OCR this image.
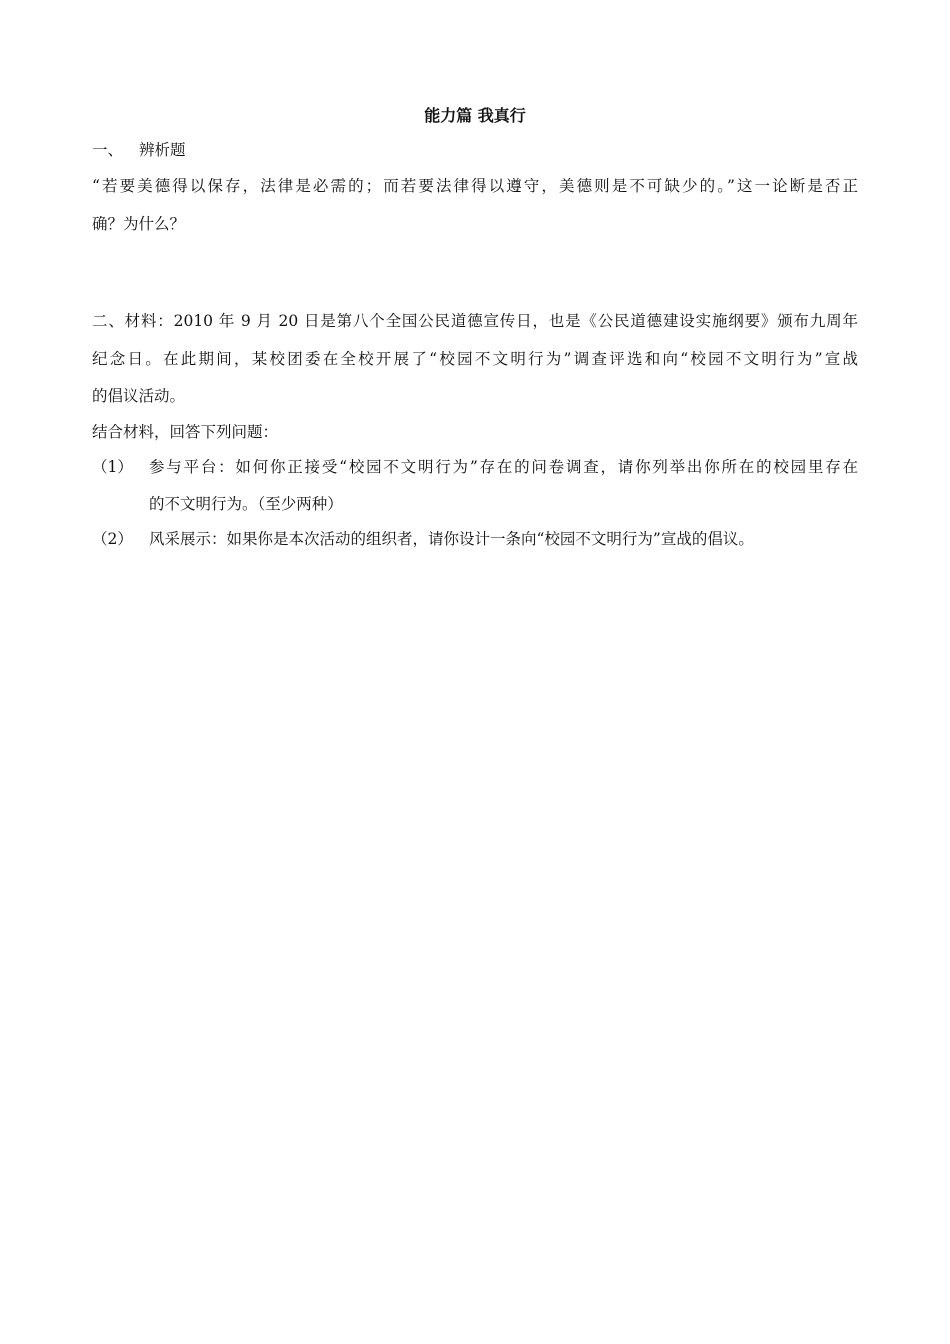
能力篇 我真行
一、 辨析题
“若要美德得以保存，法律是必需的；而若要法律得以遵守，美德则是不可缺少的。”这一论断是否正
确？为什么？
二、材料：2010 年 9 月 20 日是第八个全国公民道德宣传日，也是《公民道德建设实施纲要》颁布九周年
纪念日。在此期间，某校团委在全校开展了“校园不文明行为”调查评选和向“校园不文明行为”宣战
的倡议活动。
结合材料，回答下列问题：
（1） 参与平台：如何你正接受“校园不文明行为”存在的问卷调查，请你列举出你所在的校园里存在
的不文明行为。（至少两种）
（2） 风采展示：如果你是本次活动的组织者，请你设计一条向“校园不文明行为”宣战的倡议。
